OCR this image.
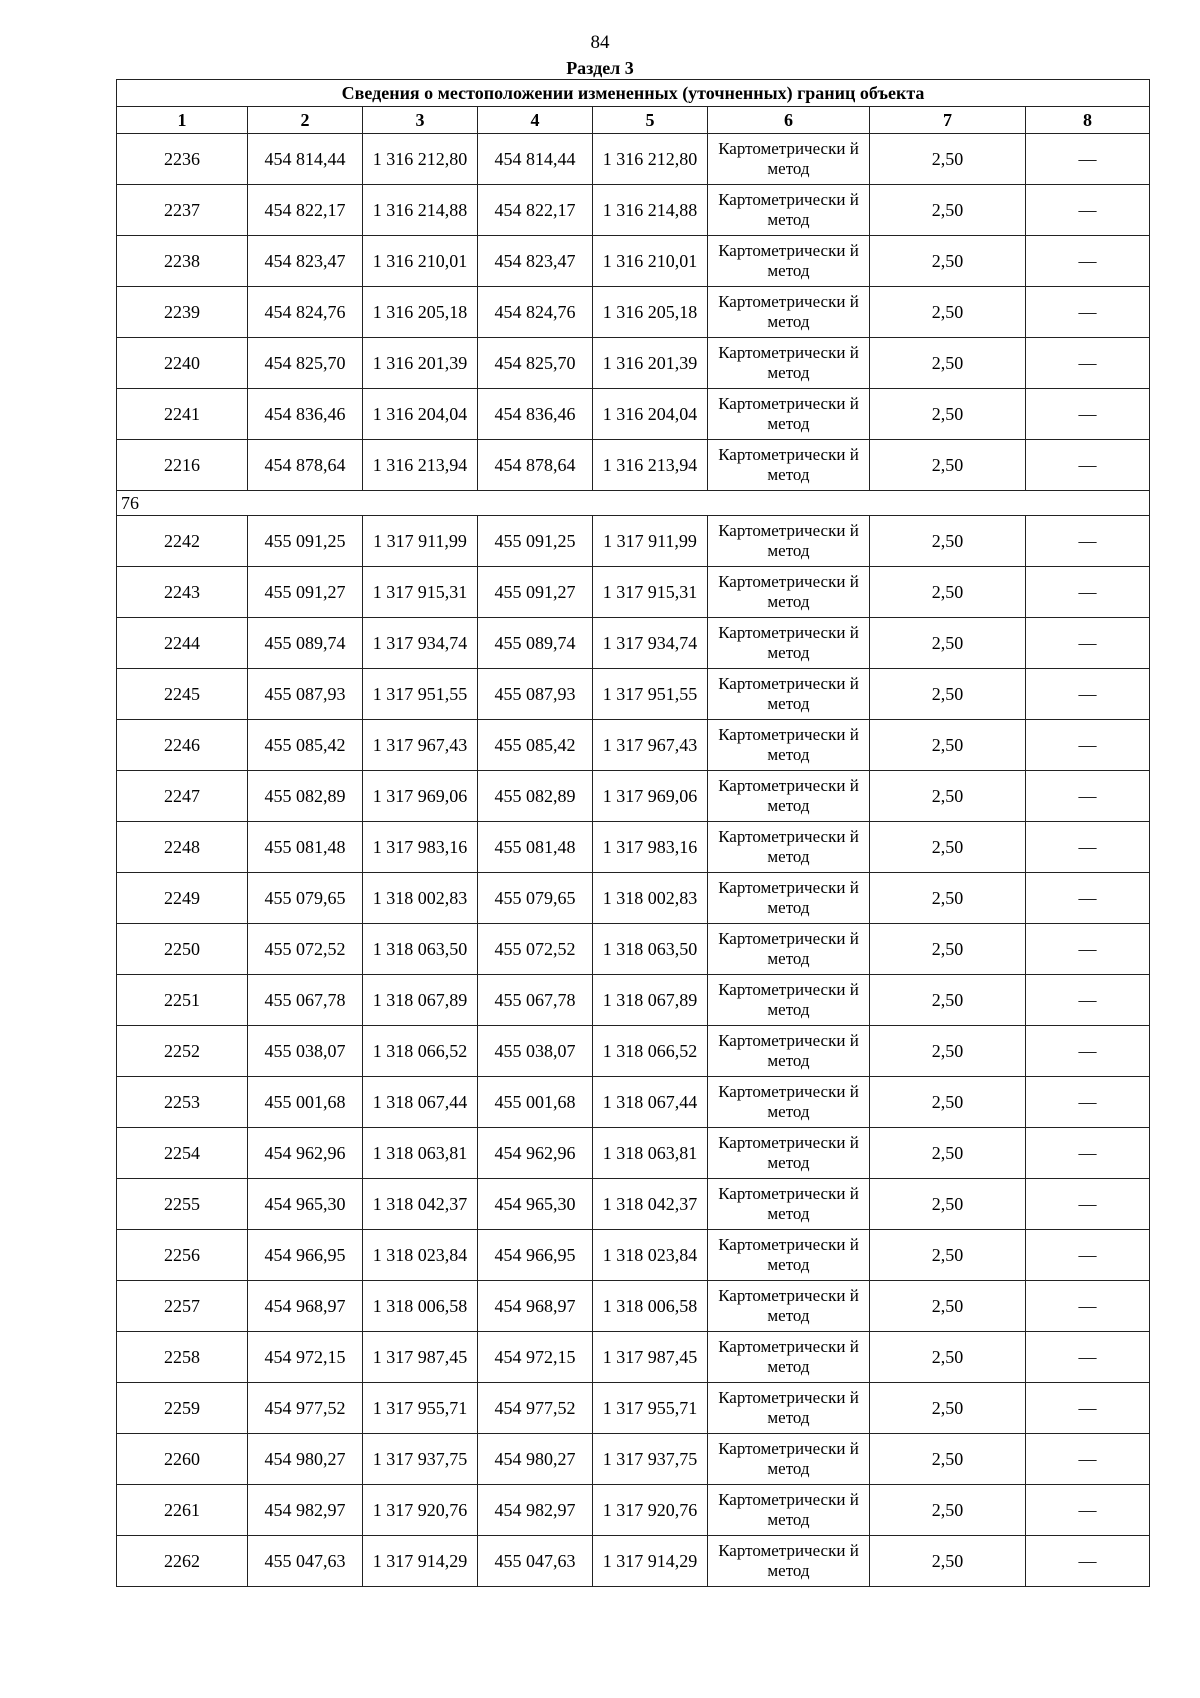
84
Раздел 3
Сведения о местоположении измененных (уточненных) границ объекта							
1	2	3	4	5	6	7	8
2236	454 814,44	1 316 212,80	454 814,44	1 316 212,80	Картометрически й метод	2,50	—
2237	454 822,17	1 316 214,88	454 822,17	1 316 214,88	Картометрически й метод	2,50	—
2238	454 823,47	1 316 210,01	454 823,47	1 316 210,01	Картометрически й метод	2,50	—
2239	454 824,76	1 316 205,18	454 824,76	1 316 205,18	Картометрически й метод	2,50	—
2240	454 825,70	1 316 201,39	454 825,70	1 316 201,39	Картометрически й метод	2,50	—
2241	454 836,46	1 316 204,04	454 836,46	1 316 204,04	Картометрически й метод	2,50	—
2216	454 878,64	1 316 213,94	454 878,64	1 316 213,94	Картометрически й метод	2,50	—
76							
2242	455 091,25	1 317 911,99	455 091,25	1 317 911,99	Картометрически й метод	2,50	—
2243	455 091,27	1 317 915,31	455 091,27	1 317 915,31	Картометрически й метод	2,50	—
2244	455 089,74	1 317 934,74	455 089,74	1 317 934,74	Картометрически й метод	2,50	—
2245	455 087,93	1 317 951,55	455 087,93	1 317 951,55	Картометрически й метод	2,50	—
2246	455 085,42	1 317 967,43	455 085,42	1 317 967,43	Картометрически й метод	2,50	—
2247	455 082,89	1 317 969,06	455 082,89	1 317 969,06	Картометрически й метод	2,50	—
2248	455 081,48	1 317 983,16	455 081,48	1 317 983,16	Картометрически й метод	2,50	—
2249	455 079,65	1 318 002,83	455 079,65	1 318 002,83	Картометрически й метод	2,50	—
2250	455 072,52	1 318 063,50	455 072,52	1 318 063,50	Картометрически й метод	2,50	—
2251	455 067,78	1 318 067,89	455 067,78	1 318 067,89	Картометрически й метод	2,50	—
2252	455 038,07	1 318 066,52	455 038,07	1 318 066,52	Картометрически й метод	2,50	—
2253	455 001,68	1 318 067,44	455 001,68	1 318 067,44	Картометрически й метод	2,50	—
2254	454 962,96	1 318 063,81	454 962,96	1 318 063,81	Картометрически й метод	2,50	—
2255	454 965,30	1 318 042,37	454 965,30	1 318 042,37	Картометрически й метод	2,50	—
2256	454 966,95	1 318 023,84	454 966,95	1 318 023,84	Картометрически й метод	2,50	—
2257	454 968,97	1 318 006,58	454 968,97	1 318 006,58	Картометрически й метод	2,50	—
2258	454 972,15	1 317 987,45	454 972,15	1 317 987,45	Картометрически й метод	2,50	—
2259	454 977,52	1 317 955,71	454 977,52	1 317 955,71	Картометрически й метод	2,50	—
2260	454 980,27	1 317 937,75	454 980,27	1 317 937,75	Картометрически й метод	2,50	—
2261	454 982,97	1 317 920,76	454 982,97	1 317 920,76	Картометрически й метод	2,50	—
2262	455 047,63	1 317 914,29	455 047,63	1 317 914,29	Картометрически й метод	2,50	—
